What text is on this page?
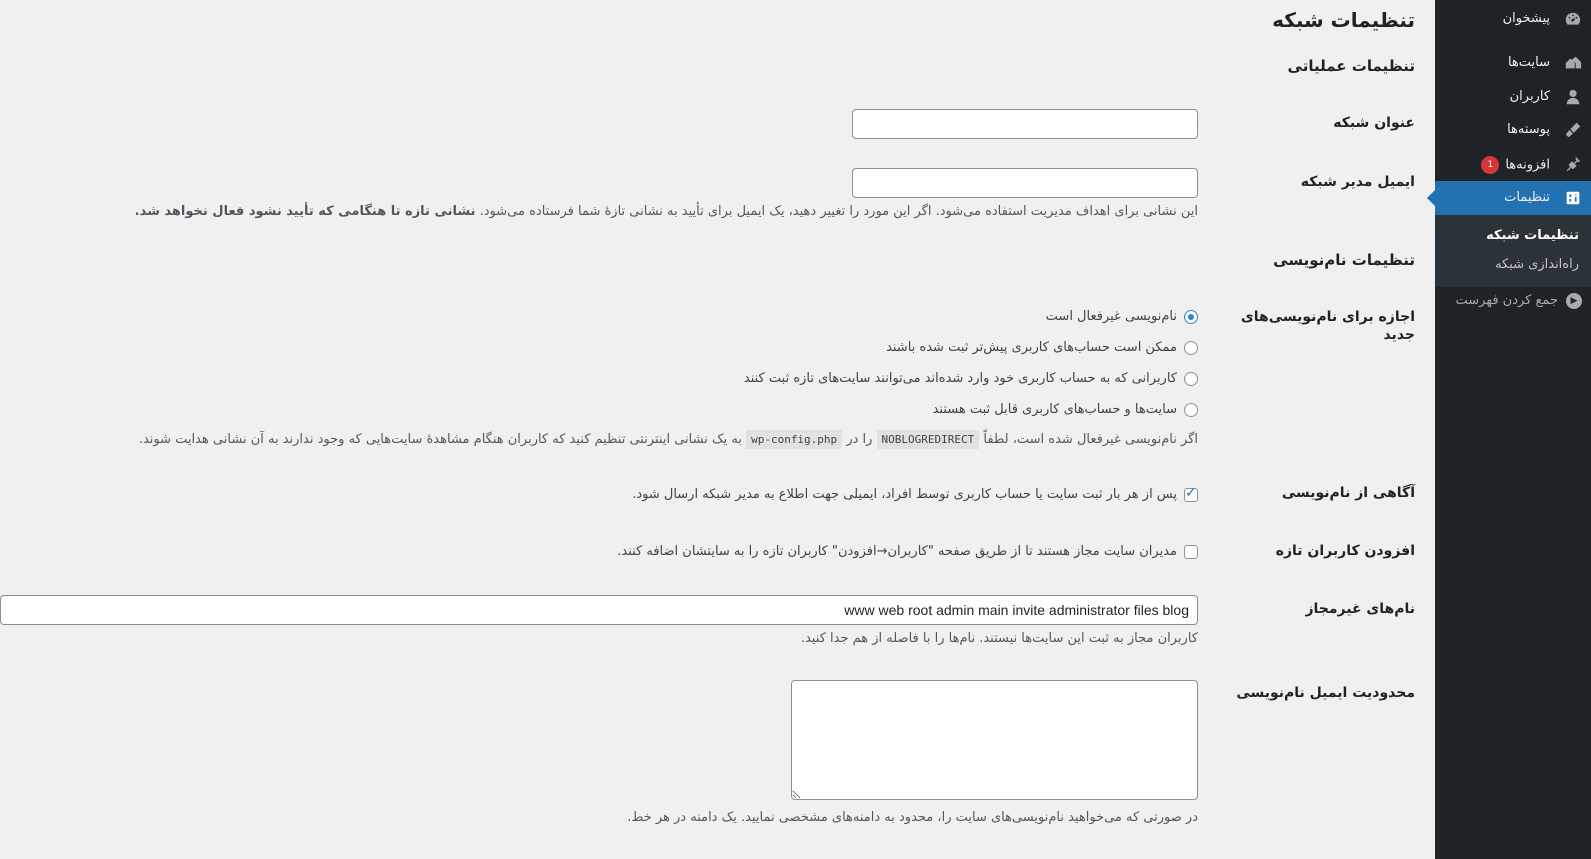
پیشخوان
سایت‌ها
کاربران
پوسته‌ها
افزونه‌ها1
تنظیمات
تنظیمات شبکه
راه‌اندازی شبکه
▶
جمع کردن فهرست
تنظیمات شبکه
تنظیمات عملیاتی
عنوان شبکه
ایمیل مدیر شبکه

این نشانی برای اهداف مدیریت استفاده می‌شود. اگر این مورد را تغییر دهید، یک ایمیل برای تأیید به نشانی تازهٔ شما فرستاده می‌شود. نشانی تازه تا هنگامی که تأیید نشود فعال نخواهد شد.

تنظیمات نام‌نویسی
اجازه برای نام‌نویسی‌های
جدید
نام‌نویسی غیرفعال است
ممکن است حساب‌های کاربری پیش‌تر ثبت شده باشند
کاربرانی که به حساب کاربری خود وارد شده‌اند می‌توانند سایت‌های تازه ثبت کنند
سایت‌ها و حساب‌های کاربری قابل ثبت هستند

اگر نام‌نویسی غیرفعال شده است، لطفاً NOBLOGREDIRECT را در wp-config.php به یک نشانی اینترنتی تنظیم کنید که کاربران هنگام مشاهدهٔ سایت‌هایی که وجود ندارند به آن نشانی هدایت شوند.

آگاهی از نام‌نویسی
✓
پس از هر بار ثبت سایت یا حساب کاربری توسط افراد، ایمیلی جهت اطلاع به مدیر شبکه ارسال شود.
افزودن کاربران تازه
مدیران سایت مجاز هستند تا از طریق صفحه "کاربران→افزودن" کاربران تازه را به سایتشان اضافه کنند.
نام‌های غیرمجاز
www web root admin main invite administrator files blog

کاربران مجاز به ثبت این سایت‌ها نیستند. نام‌ها را با فاصله از هم جدا کنید.

محدودیت ایمیل نام‌نویسی

در صورتی که می‌خواهید نام‌نویسی‌های سایت را، محدود به دامنه‌های مشخصی نمایید. یک دامنه در هر خط.
